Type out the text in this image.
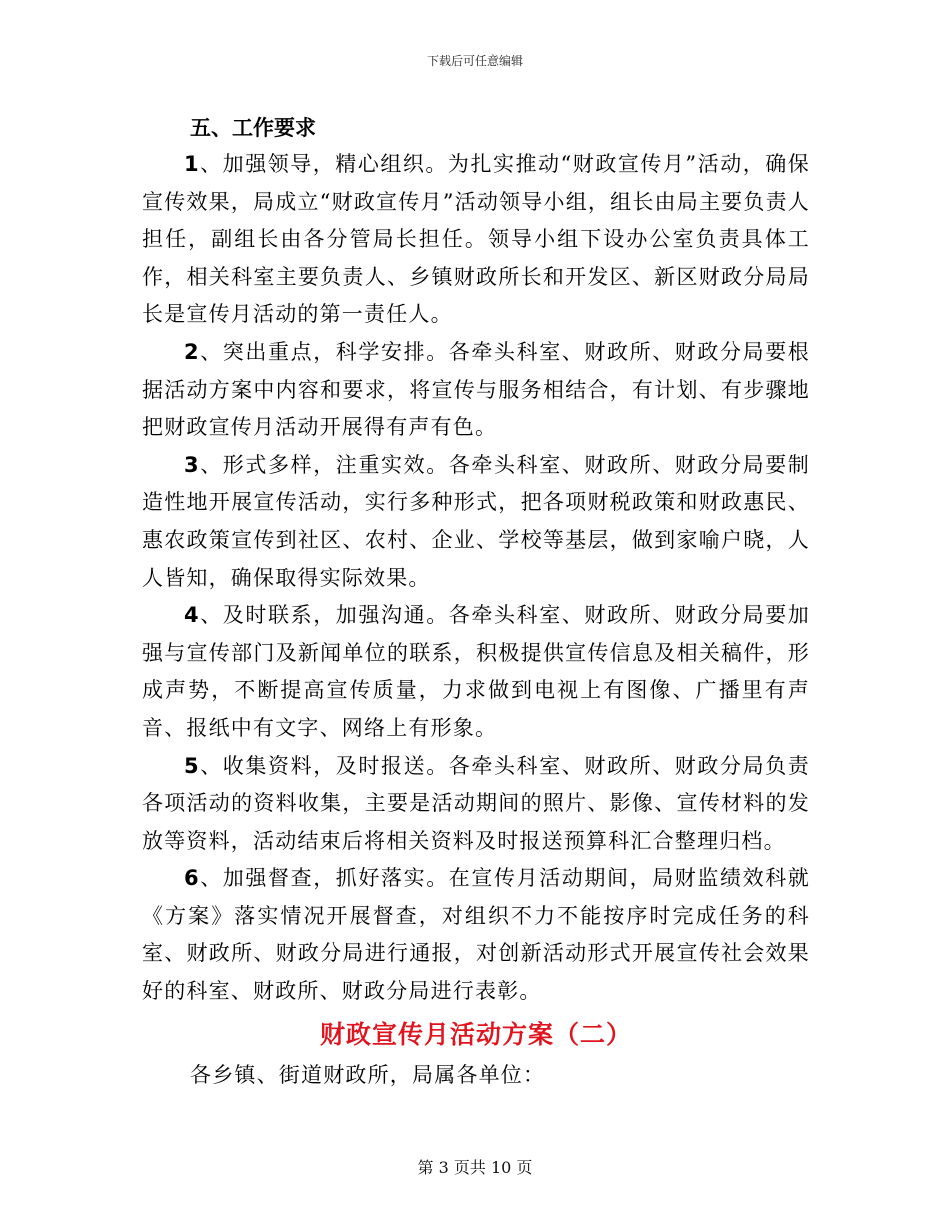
下载后可任意编辑
五、工作要求

1、加强领导，精心组织。为扎实推动“财政宣传月”活动，确保宣传效果，局成立“财政宣传月”活动领导小组，组长由局主要负责人担任，副组长由各分管局长担任。领导小组下设办公室负责具体工作，相关科室主要负责人、乡镇财政所长和开发区、新区财政分局局长是宣传月活动的第一责任人。

2、突出重点，科学安排。各牵头科室、财政所、财政分局要根据活动方案中内容和要求，将宣传与服务相结合，有计划、有步骤地把财政宣传月活动开展得有声有色。

3、形式多样，注重实效。各牵头科室、财政所、财政分局要制造性地开展宣传活动，实行多种形式，把各项财税政策和财政惠民、惠农政策宣传到社区、农村、企业、学校等基层，做到家喻户晓，人人皆知，确保取得实际效果。

4、及时联系，加强沟通。各牵头科室、财政所、财政分局要加强与宣传部门及新闻单位的联系，积极提供宣传信息及相关稿件，形成声势，不断提高宣传质量，力求做到电视上有图像、广播里有声音、报纸中有文字、网络上有形象。

5、收集资料，及时报送。各牵头科室、财政所、财政分局负责各项活动的资料收集，主要是活动期间的照片、影像、宣传材料的发放等资料，活动结束后将相关资料及时报送预算科汇合整理归档。

6、加强督查，抓好落实。在宣传月活动期间，局财监绩效科就《方案》落实情况开展督查，对组织不力不能按序时完成任务的科室、财政所、财政分局进行通报，对创新活动形式开展宣传社会效果好的科室、财政所、财政分局进行表彰。

财政宣传月活动方案（二）

各乡镇、街道财政所，局属各单位：

第 3 页共 10 页
